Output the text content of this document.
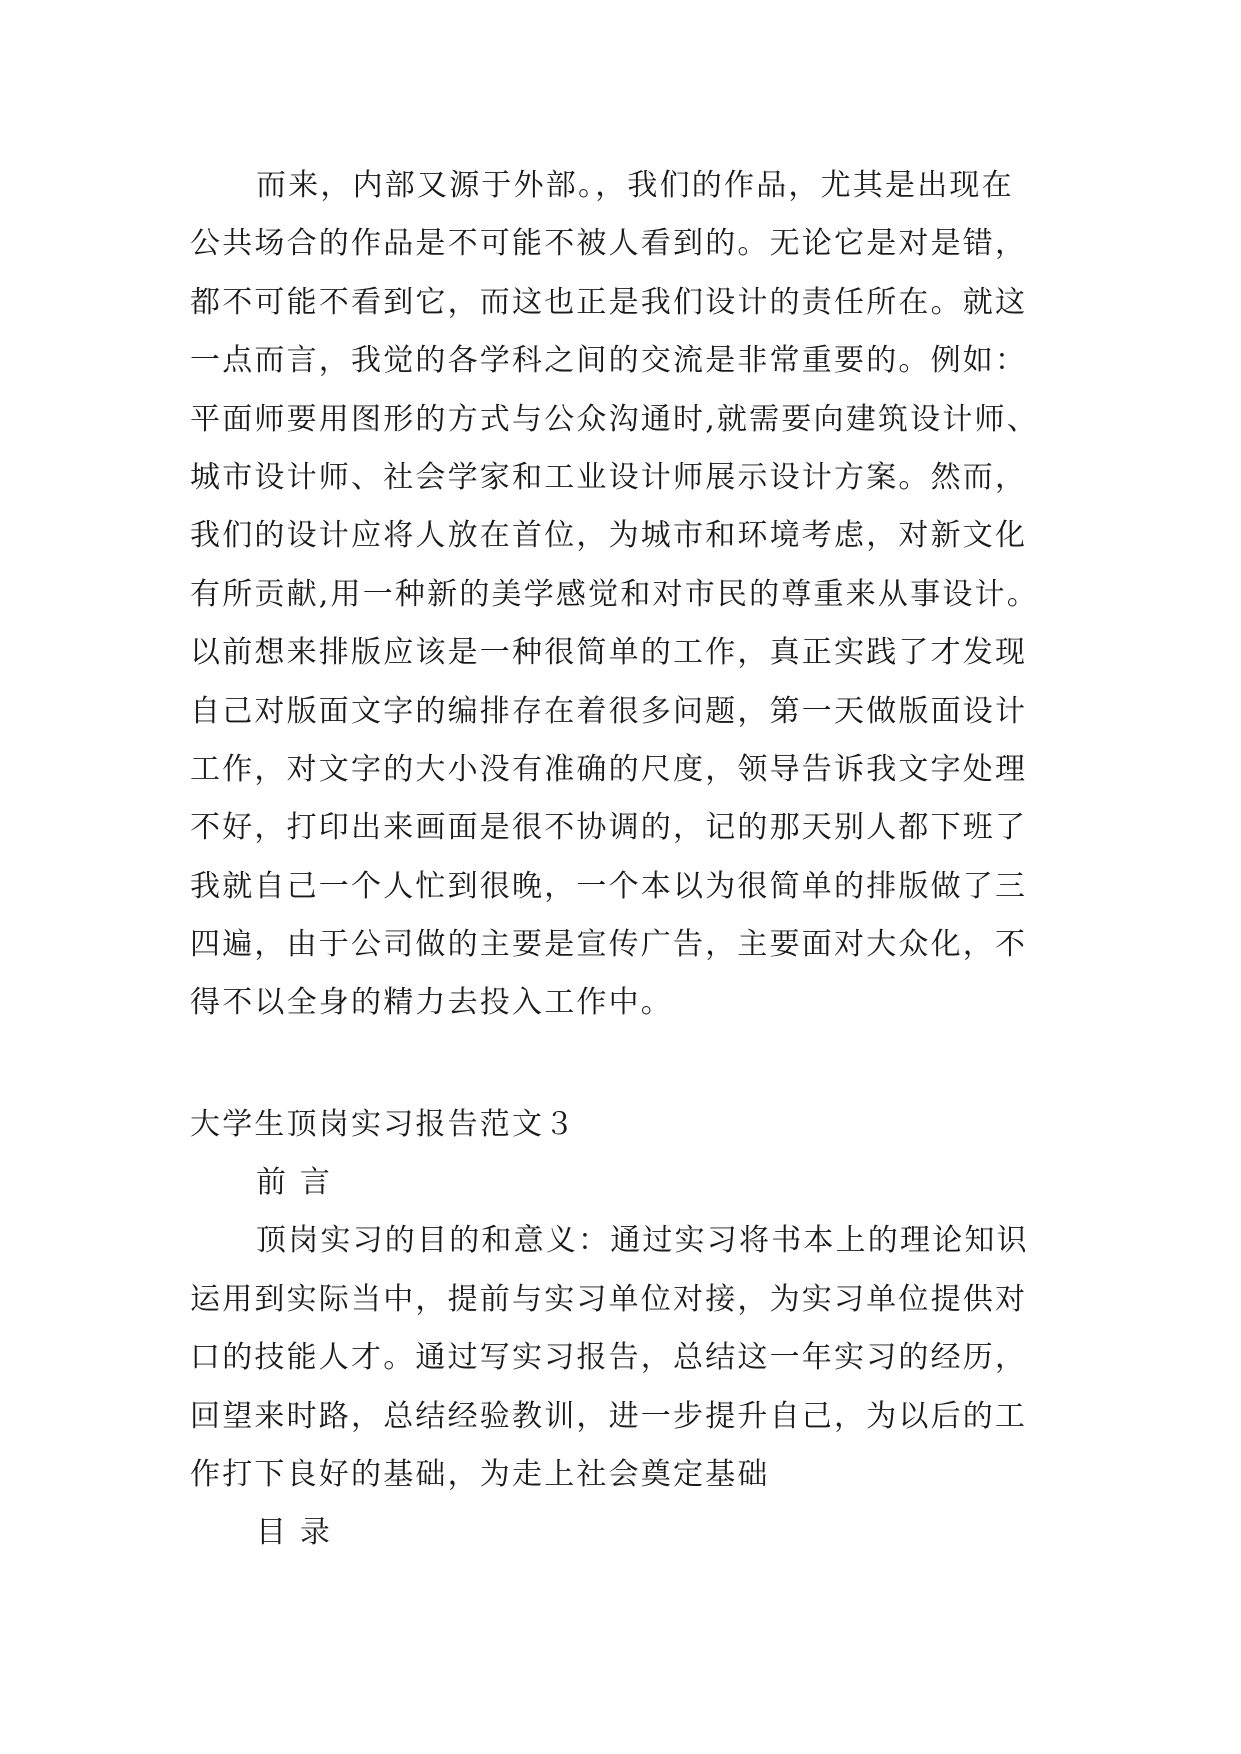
而来，内部又源于外部。，我们的作品，尤其是出现在
公共场合的作品是不可能不被人看到的。无论它是对是错，
都不可能不看到它，而这也正是我们设计的责任所在。就这
一点而言，我觉的各学科之间的交流是非常重要的。例如：
平面师要用图形的方式与公众沟通时,就需要向建筑设计师、
城市设计师、社会学家和工业设计师展示设计方案。然而，
我们的设计应将人放在首位，为城市和环境考虑，对新文化
有所贡献,用一种新的美学感觉和对市民的尊重来从事设计。
以前想来排版应该是一种很简单的工作，真正实践了才发现
自己对版面文字的编排存在着很多问题，第一天做版面设计
工作，对文字的大小没有准确的尺度，领导告诉我文字处理
不好，打印出来画面是很不协调的，记的那天别人都下班了
我就自己一个人忙到很晚，一个本以为很简单的排版做了三
四遍，由于公司做的主要是宣传广告，主要面对大众化，不
得不以全身的精力去投入工作中。
大学生顶岗实习报告范文３
前 言
顶岗实习的目的和意义：通过实习将书本上的理论知识
运用到实际当中，提前与实习单位对接，为实习单位提供对
口的技能人才。通过写实习报告，总结这一年实习的经历，
回望来时路，总结经验教训，进一步提升自己，为以后的工
作打下良好的基础，为走上社会奠定基础
目 录
